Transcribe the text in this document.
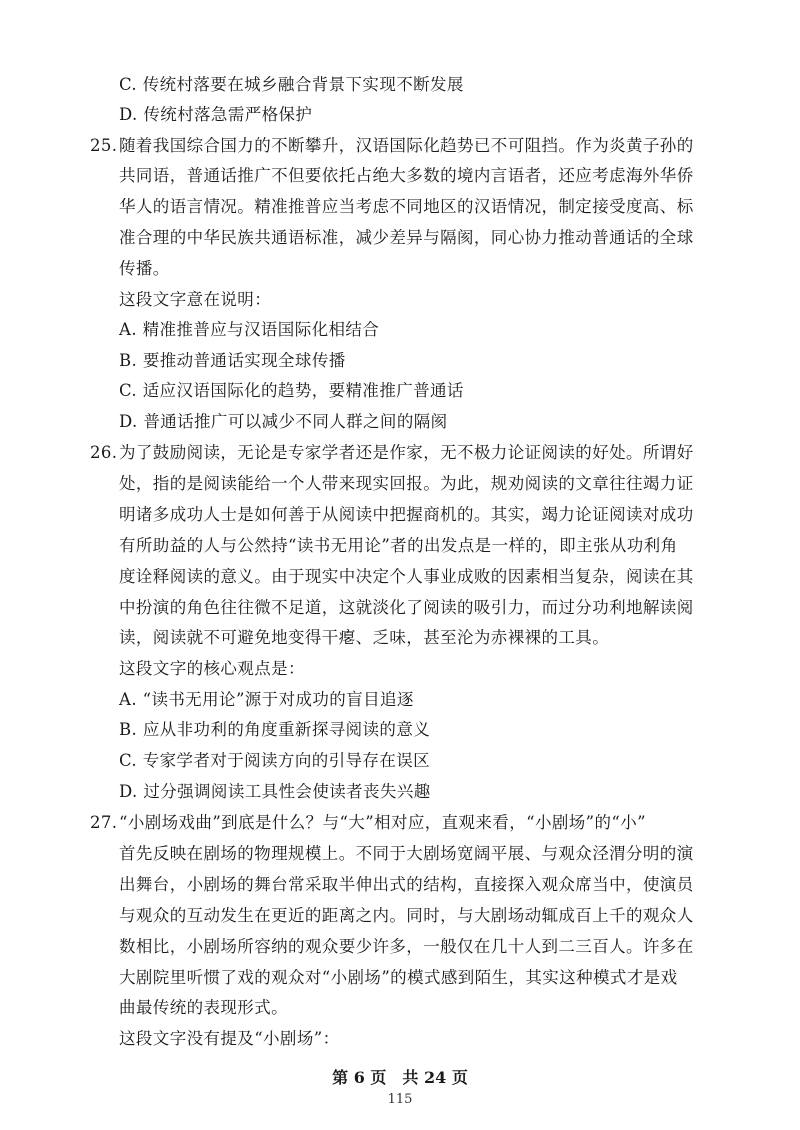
C. 传统村落要在城乡融合背景下实现不断发展
D. 传统村落急需严格保护
25. 随着我国综合国力的不断攀升，汉语国际化趋势已不可阻挡。作为炎黄子孙的
共同语，普通话推广不但要依托占绝大多数的境内言语者，还应考虑海外华侨
华人的语言情况。精准推普应当考虑不同地区的汉语情况，制定接受度高、标
准合理的中华民族共通语标准，减少差异与隔阂，同心协力推动普通话的全球
传播。
这段文字意在说明：
A. 精准推普应与汉语国际化相结合
B. 要推动普通话实现全球传播
C. 适应汉语国际化的趋势，要精准推广普通话
D. 普通话推广可以减少不同人群之间的隔阂
26. 为了鼓励阅读，无论是专家学者还是作家，无不极力论证阅读的好处。所谓好
处，指的是阅读能给一个人带来现实回报。为此，规劝阅读的文章往往竭力证
明诸多成功人士是如何善于从阅读中把握商机的。其实，竭力论证阅读对成功
有所助益的人与公然持“读书无用论”者的出发点是一样的，即主张从功利角
度诠释阅读的意义。由于现实中决定个人事业成败的因素相当复杂，阅读在其
中扮演的角色往往微不足道，这就淡化了阅读的吸引力，而过分功利地解读阅
读，阅读就不可避免地变得干瘪、乏味，甚至沦为赤裸裸的工具。
这段文字的核心观点是：
A. “读书无用论”源于对成功的盲目追逐
B. 应从非功利的角度重新探寻阅读的意义
C. 专家学者对于阅读方向的引导存在误区
D. 过分强调阅读工具性会使读者丧失兴趣
27. “小剧场戏曲”到底是什么？与“大”相对应，直观来看，“小剧场”的“小”
首先反映在剧场的物理规模上。不同于大剧场宽阔平展、与观众泾渭分明的演
出舞台，小剧场的舞台常采取半伸出式的结构，直接探入观众席当中，使演员
与观众的互动发生在更近的距离之内。同时，与大剧场动辄成百上千的观众人
数相比，小剧场所容纳的观众要少许多，一般仅在几十人到二三百人。许多在
大剧院里听惯了戏的观众对“小剧场”的模式感到陌生，其实这种模式才是戏
曲最传统的表现形式。
这段文字没有提及“小剧场”：
第 6 页　共 24 页
115
